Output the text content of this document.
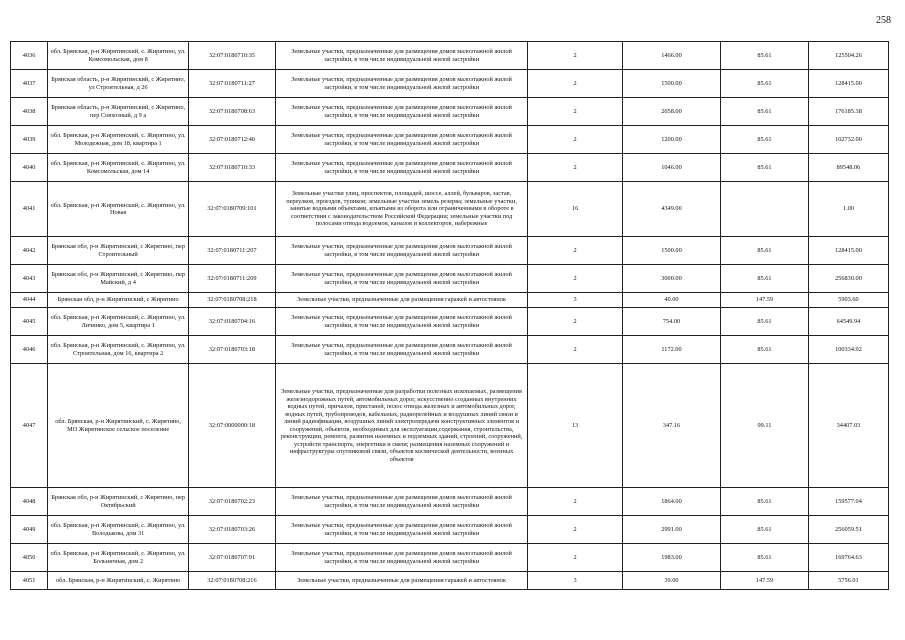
258
4036	обл. Брянская, р-н Жирятинский, с. Жирятино, ул. Комсомольская, дом 8	32:07:0180710:35	Земельные участки, предназначенные для размещения домов малоэтажной жилой застройки, в том числе индивидуальной жилой застройки	2	1466.00	85.61	125504.26
4037	Брянская область, р-н Жирятинский, с Жирятино, ул Строительная, д 26	32:07:0180711:27	Земельные участки, предназначенные для размещения домов малоэтажной жилой застройки, в том числе индивидуальной жилой застройки	2	1500.00	85.61	128415.00
4038	Брянская область, р-н Жирятинский, с Жирятино, пер Совхозный, д 9 а	32:07:0180708:63	Земельные участки, предназначенные для размещения домов малоэтажной жилой застройки, в том числе индивидуальной жилой застройки	2	2058.00	85.61	176185.38
4039	обл. Брянская, р-н Жирятинский, с. Жирятино, ул. Молодежная, дом 18, квартира 1	32:07:0180712:40	Земельные участки, предназначенные для размещения домов малоэтажной жилой застройки, в том числе индивидуальной жилой застройки	2	1200.00	85.61	102732.00
4040	обл. Брянская, р-н Жирятинский, с. Жирятино, ул. Комсомольская, дом 14	32:07:0180710:33	Земельные участки, предназначенные для размещения домов малоэтажной жилой застройки, в том числе индивидуальной жилой застройки	2	1046.00	85.61	89548.06
4041	обл. Брянская, р-н Жирятинский, с. Жирятино, ул. Новая	32:07:0180709:101	Земельные участки улиц, проспектов, площадей, шоссе, аллей, бульваров, застав, переулков, проездов, тупиков; земельные участки земель резерва; земельные участки, занятые водными объектами, изъятыми из оборота или ограниченными в обороте в соответствии с законодательством Российской Федерации; земельные участки под полосами отвода водоемов, каналов и коллекторов, набережные	16	4349.00		1.00
4042	Брянская обл, р-н Жирятинский, с Жирятино, пер Строительный	32:07:0180711:207	Земельные участки, предназначенные для размещения домов малоэтажной жилой застройки, в том числе индивидуальной жилой застройки	2	1500.00	85.61	128415.00
4043	Брянская обл, р-н Жирятинский, с Жирятино, пер Майский, д 4	32:07:0180711:209	Земельные участки, предназначенные для размещения домов малоэтажной жилой застройки, в том числе индивидуальной жилой застройки	2	3000.00	85.61	256830.00
4044	Брянская обл, р-н Жирятинский, с Жирятино	32:07:0180708:218	Земельные участки, предназначенные для размещения гаражей и автостоянок	3	40.00	147.59	5903.60
4045	обл. Брянская, р-н Жирятинский, с. Жирятино, ул. Личинко, дом 5, квартира 1	32:07:0180704:16	Земельные участки, предназначенные для размещения домов малоэтажной жилой застройки, в том числе индивидуальной жилой застройки	2	754.00	85.61	64549.94
4046	обл. Брянская, р-н Жирятинский, с. Жирятино, ул. Строительная, дом 16, квартира 2	32:07:0180703:18	Земельные участки, предназначенные для размещения домов малоэтажной жилой застройки, в том числе индивидуальной жилой застройки	2	1172.00	85.61	100334.92
4047	обл. Брянская, р-н Жирятинский, с. Жирятино, МО Жирятинское сельское поселение	32:07:0000000:18	Земельные участки, предназначенные для разработки полезных ископаемых, размещения железнодорожных путей, автомобильных дорог, искусственно созданных внутренних водных путей, причалов, пристаней, полос отвода железных и автомобильных дорог, водных путей, трубопроводов, кабельных, радиорелейных и воздушных линий связи и линий радиофикации, воздушных линий электропередачи конструктивных элементов и сооружений, объектов, необходимых для эксплуатации,содержания, строительства, реконструкции, ремонта, развития наземных и подземных зданий, строений, сооружений, устройств транспорта, энергетики и связи; размещения наземных сооружений и инфраструктуры спутниковой связи, объектов космической деятельности, военных объектов	13	347.16	99.11	34407.03
4048	Брянская обл, р-н Жирятинский, с Жирятино, пер Октябрьский	32:07:0180702:23	Земельные участки, предназначенные для размещения домов малоэтажной жилой застройки, в том числе индивидуальной жилой застройки	2	1864.00	85.61	159577.04
4049	обл. Брянская, р-н Жирятинский, с. Жирятино, ул. Володькова, дом 31	32:07:0180703:26	Земельные участки, предназначенные для размещения домов малоэтажной жилой застройки, в том числе индивидуальной жилой застройки	2	2991.00	85.61	256059.51
4050	обл. Брянская, р-н Жирятинский, с. Жирятино, ул. Больничная, дом 2	32:07:0180707:91	Земельные участки, предназначенные для размещения домов малоэтажной жилой застройки, в том числе индивидуальной жилой застройки	2	1983.00	85.61	169764.63
4051	обл. Брянская, р-н Жирятинский, с. Жирятино	32:07:0180708:216	Земельные участки, предназначенные для размещения гаражей и автостоянок	3	39.00	147.59	5756.01
